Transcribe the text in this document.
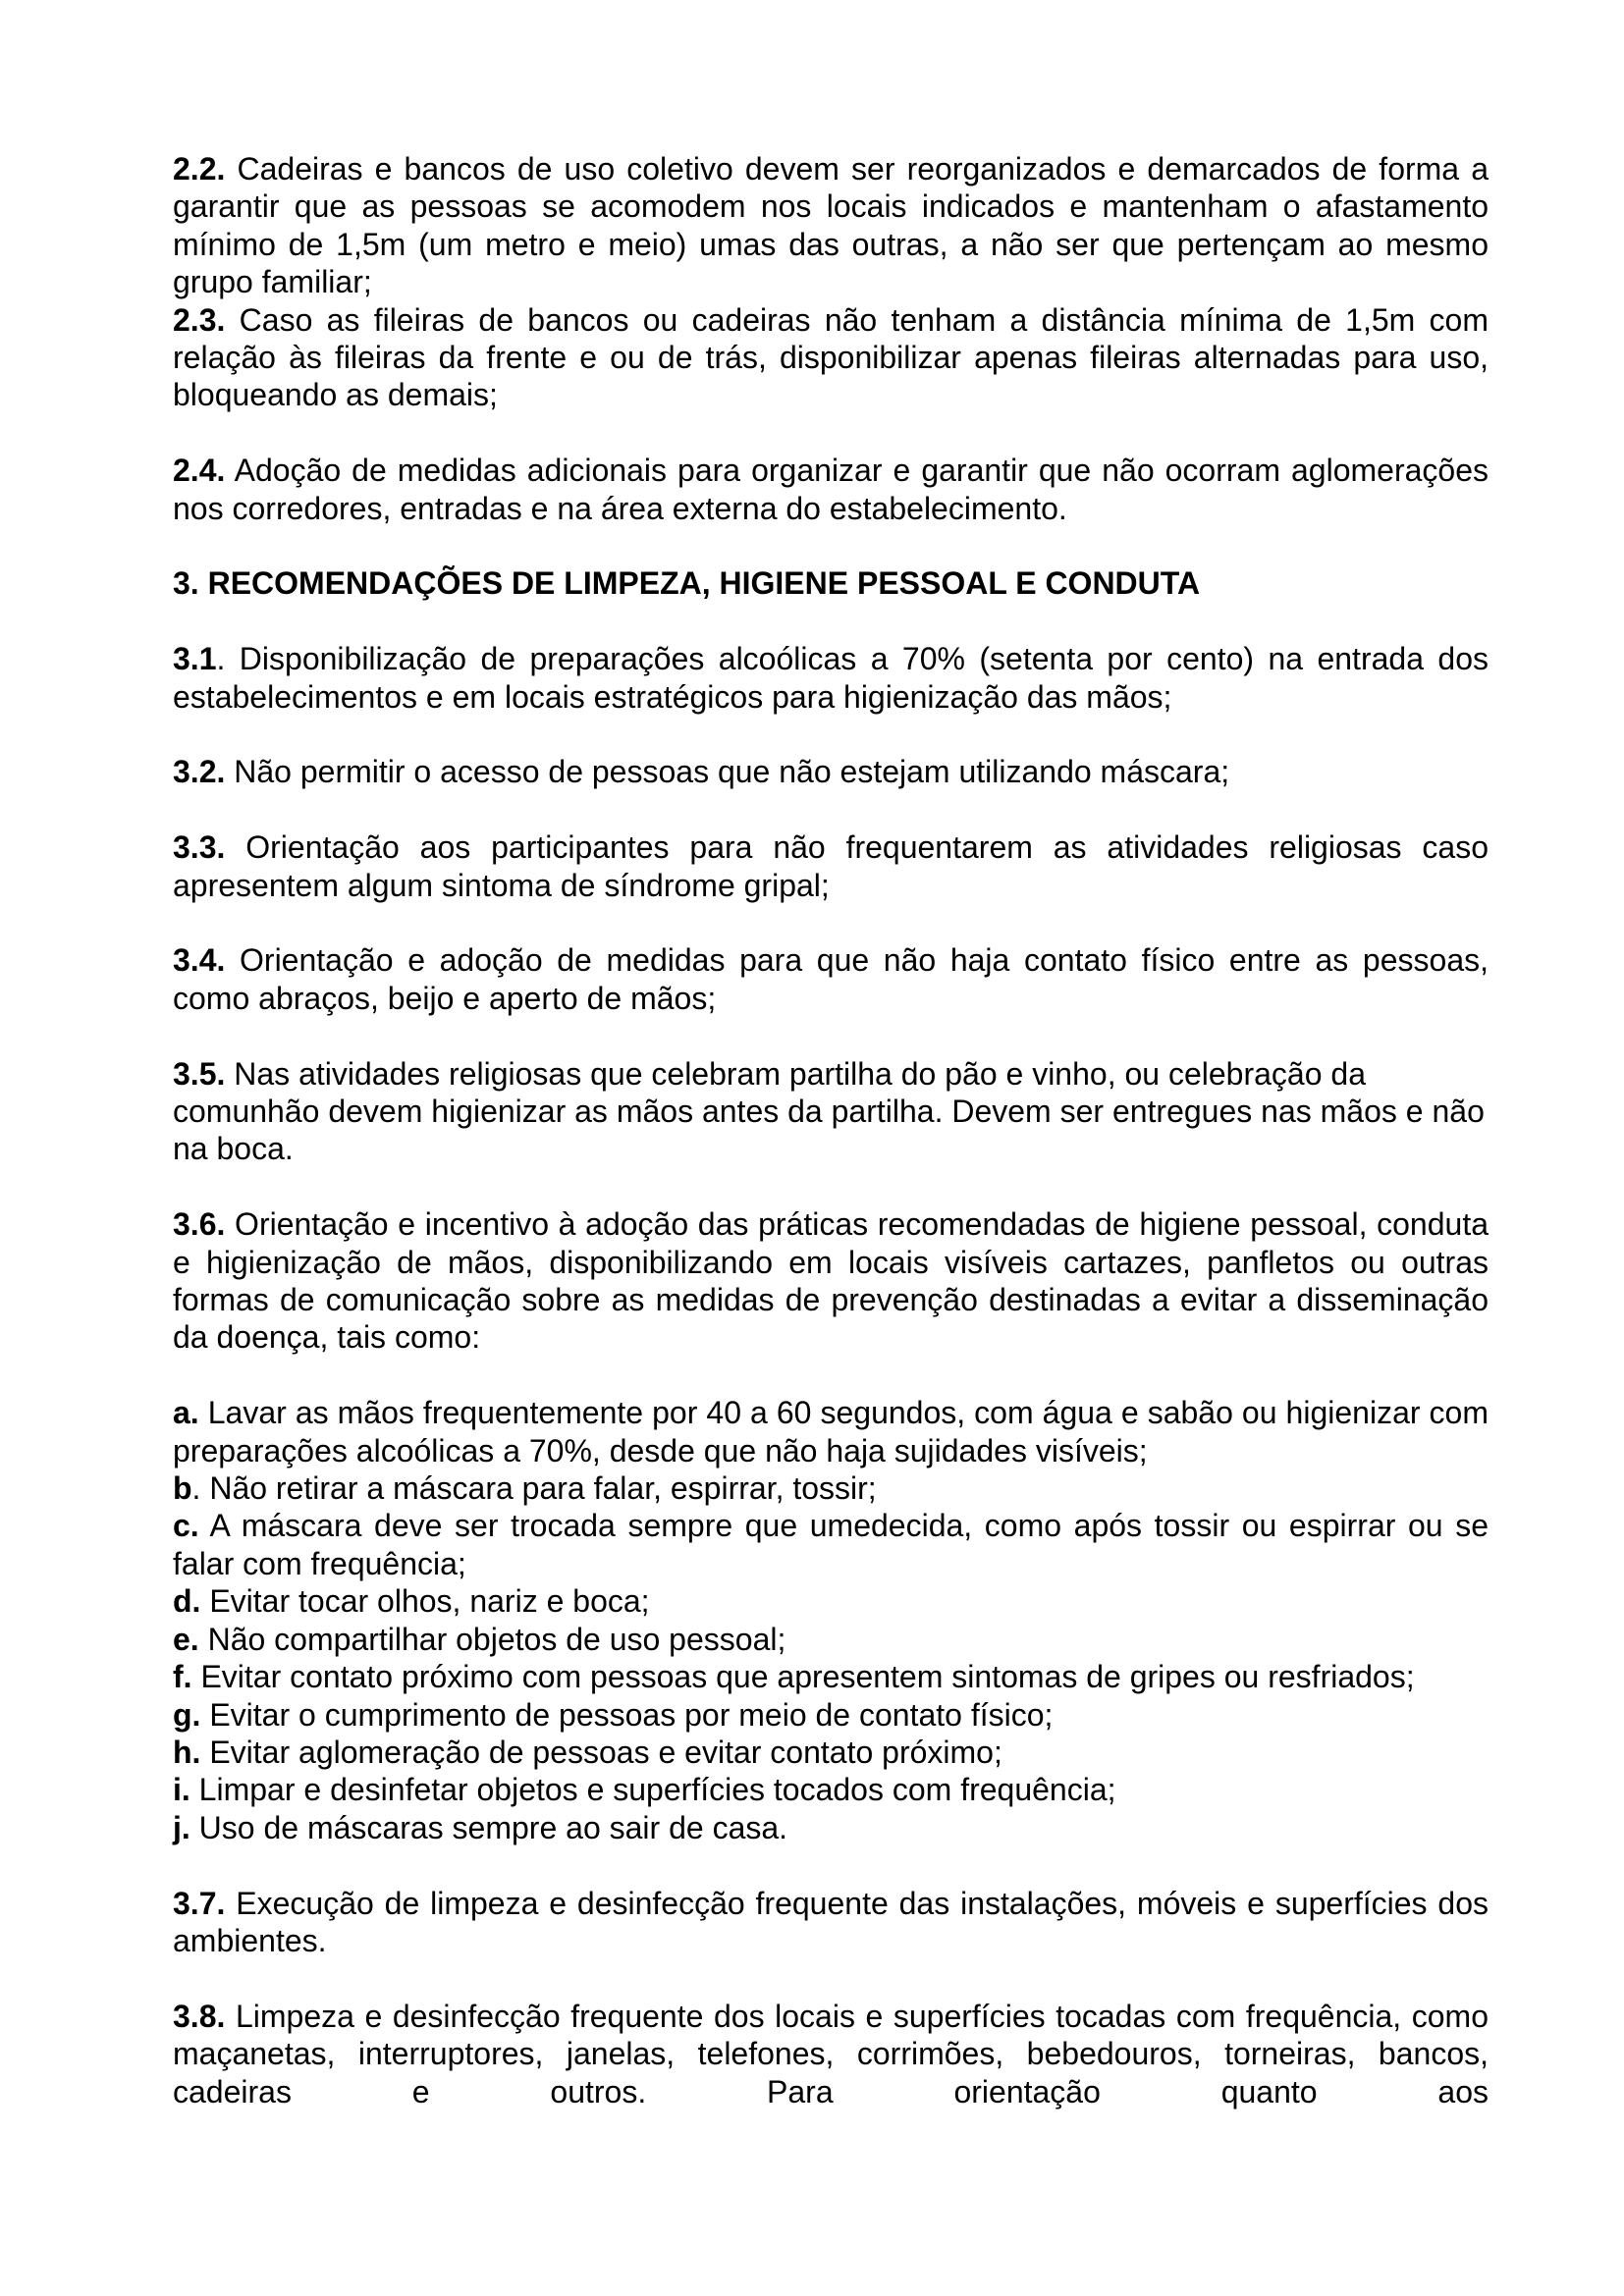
2.2. Cadeiras e bancos de uso coletivo devem ser reorganizados e demarcados de forma a garantir que as pessoas se acomodem nos locais indicados e mantenham o afastamento mínimo de 1,5m (um metro e meio) umas das outras, a não ser que pertençam ao mesmo grupo familiar;

2.3. Caso as fileiras de bancos ou cadeiras não tenham a distância mínima de 1,5m com relação às fileiras da frente e ou de trás, disponibilizar apenas fileiras alternadas para uso, bloqueando as demais;

2.4. Adoção de medidas adicionais para organizar e garantir que não ocorram aglomerações nos corredores, entradas e na área externa do estabelecimento.

3. RECOMENDAÇÕES DE LIMPEZA, HIGIENE PESSOAL E CONDUTA

3.1. Disponibilização de preparações alcoólicas a 70% (setenta por cento) na entrada dos estabelecimentos e em locais estratégicos para higienização das mãos;

3.2. Não permitir o acesso de pessoas que não estejam utilizando máscara;

3.3. Orientação aos participantes para não frequentarem as atividades religiosas caso apresentem algum sintoma de síndrome gripal;

3.4. Orientação e adoção de medidas para que não haja contato físico entre as pessoas, como abraços, beijo e aperto de mãos;

3.5. Nas atividades religiosas que celebram partilha do pão e vinho, ou celebração da comunhão devem higienizar as mãos antes da partilha. Devem ser entregues nas mãos e não na boca.

3.6. Orientação e incentivo à adoção das práticas recomendadas de higiene pessoal, conduta e higienização de mãos, disponibilizando em locais visíveis cartazes, panfletos ou outras formas de comunicação sobre as medidas de prevenção destinadas a evitar a disseminação da doença, tais como:

a. Lavar as mãos frequentemente por 40 a 60 segundos, com água e sabão ou higienizar com preparações alcoólicas a 70%, desde que não haja sujidades visíveis;

b. Não retirar a máscara para falar, espirrar, tossir;

c. A máscara deve ser trocada sempre que umedecida, como após tossir ou espirrar ou se falar com frequência;

d. Evitar tocar olhos, nariz e boca;

e. Não compartilhar objetos de uso pessoal;

f. Evitar contato próximo com pessoas que apresentem sintomas de gripes ou resfriados;

g. Evitar o cumprimento de pessoas por meio de contato físico;

h. Evitar aglomeração de pessoas e evitar contato próximo;

i. Limpar e desinfetar objetos e superfícies tocados com frequência;

j. Uso de máscaras sempre ao sair de casa.

3.7. Execução de limpeza e desinfecção frequente das instalações, móveis e superfícies dos ambientes.

3.8. Limpeza e desinfecção frequente dos locais e superfícies tocadas com frequência, como maçanetas, interruptores, janelas, telefones, corrimões, bebedouros, torneiras, bancos, cadeiras e outros. Para orientação quanto aos
